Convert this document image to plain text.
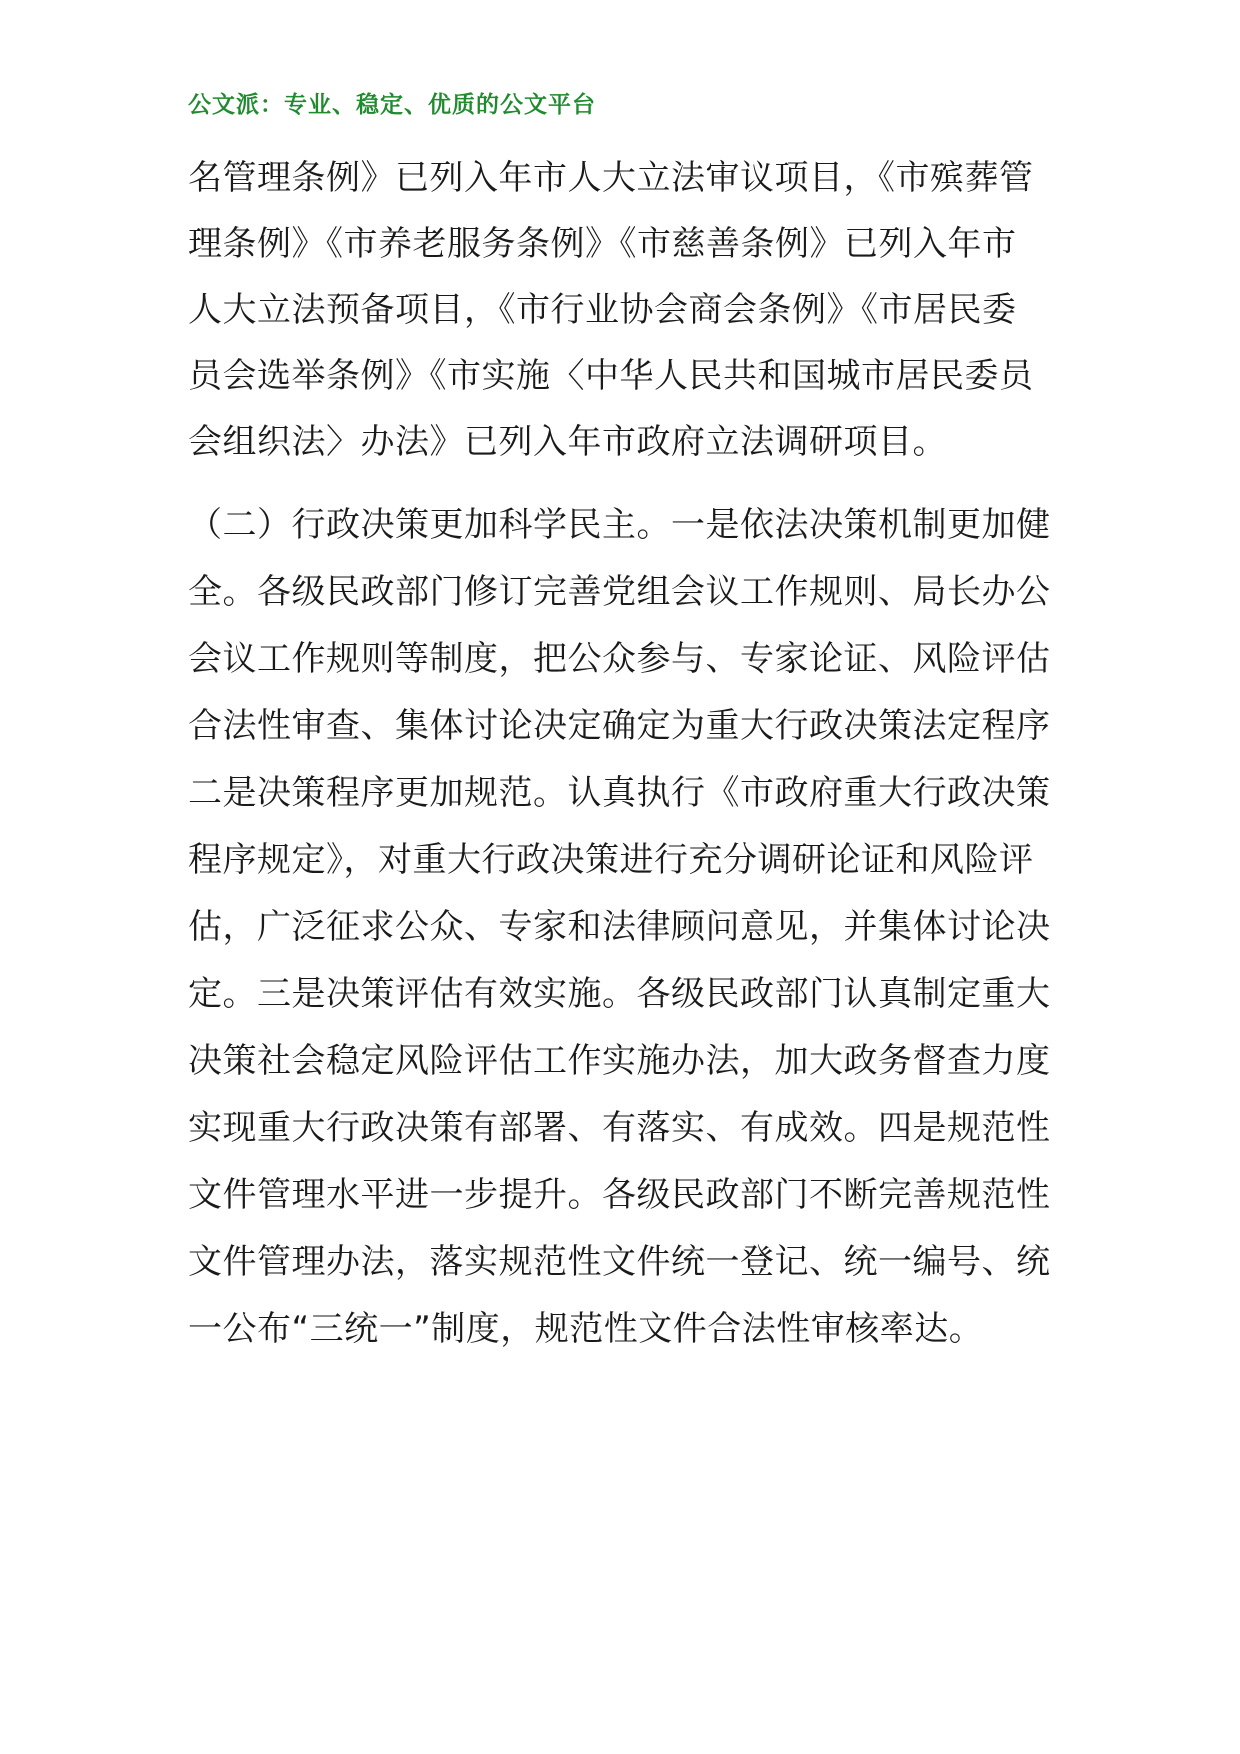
公文派：专业、稳定、优质的公文平台
名管理条例》已列入年市人大立法审议项目，《市殡葬管
理条例》《市养老服务条例》《市慈善条例》已列入年市
人大立法预备项目，《市行业协会商会条例》《市居民委
员会选举条例》《市实施〈中华人民共和国城市居民委员
会组织法〉办法》已列入年市政府立法调研项目。
（二）行政决策更加科学民主。一是依法决策机制更加健
全。各级民政部门修订完善党组会议工作规则、局长办公
会议工作规则等制度，把公众参与、专家论证、风险评估
合法性审查、集体讨论决定确定为重大行政决策法定程序
二是决策程序更加规范。认真执行《市政府重大行政决策
程序规定》，对重大行政决策进行充分调研论证和风险评
估，广泛征求公众、专家和法律顾问意见，并集体讨论决
定。三是决策评估有效实施。各级民政部门认真制定重大
决策社会稳定风险评估工作实施办法，加大政务督查力度
实现重大行政决策有部署、有落实、有成效。四是规范性
文件管理水平进一步提升。各级民政部门不断完善规范性
文件管理办法，落实规范性文件统一登记、统一编号、统
一公布“三统一”制度，规范性文件合法性审核率达。
